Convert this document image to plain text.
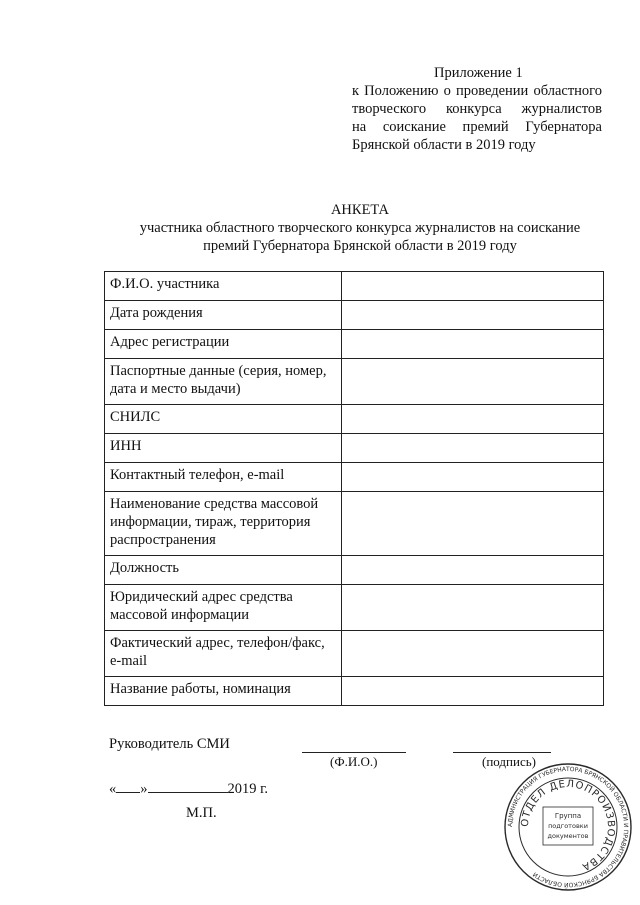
Приложение 1
к Положению о проведении областного
творческого конкурса журналистов
на соискание премий Губернатора
Брянской области в 2019 году
АНКЕТА
участника областного творческого конкурса журналистов на соискание
премий Губернатора Брянской области в 2019 году
Ф.И.О. участника	
Дата рождения	
Адрес регистрации	
Паспортные данные (серия, номер, дата и место выдачи)	
СНИЛС	
ИНН	
Контактный телефон, e-mail	
Наименование средства массовой информации, тираж, территория распространения	
Должность	
Юридический адрес средства массовой информации	
Фактический адрес, телефон/факс, e-mail	
Название работы, номинация	
Руководитель СМИ
(Ф.И.О.)	(подпись)
« »	2019 г.
М.П.
АДМИНИСТРАЦИЯ ГУБЕРНАТОРА БРЯНСКОЙ ОБЛАСТИ И ПРАВИТЕЛЬСТВА БРЯНСКОЙ ОБЛАСТИ
ОТДЕЛ ДЕЛОПРОИЗВОДСТВА
Группа
подготовки
документов
